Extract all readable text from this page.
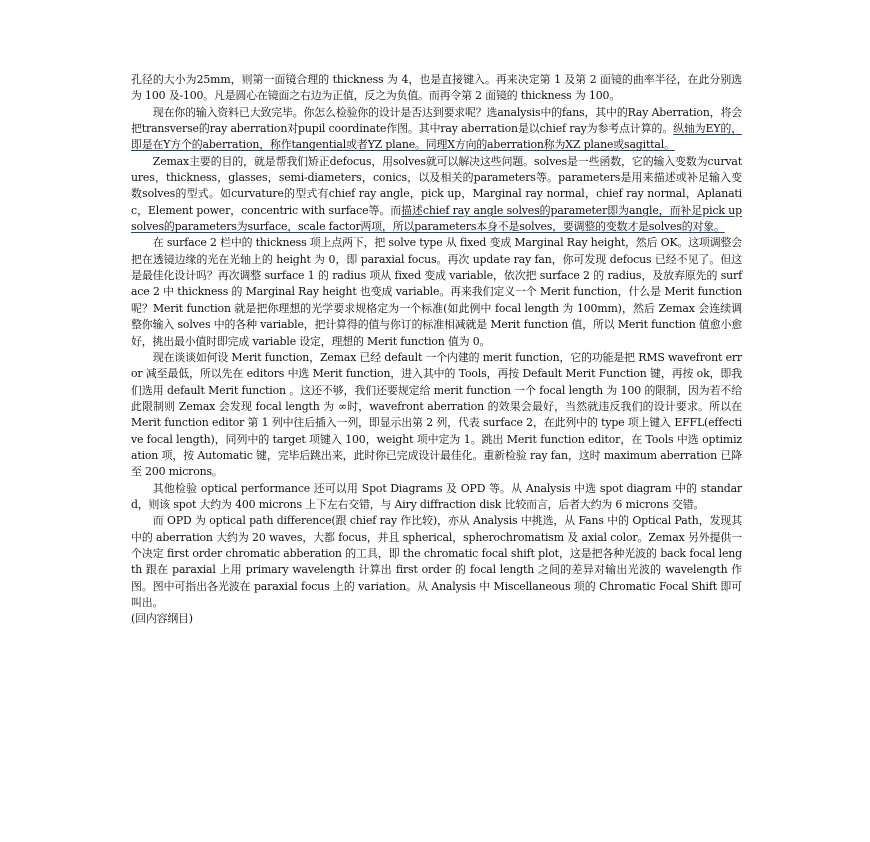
孔径的大小为25mm，则第一面镜合理的 thickness 为 4，也是直接键入。再来决定第 1 及第 2 面镜的曲率半径，在此分别选为 100 及-100。凡是圆心在镜面之右边为正值，反之为负值。而再令第 2 面镜的 thickness 为 100。

现在你的输入资料已大致完毕。你怎么检验你的设计是否达到要求呢？选analysis中的fans，其中的Ray Aberration，将会把transverse的ray aberration对pupil coordinate作图。其中ray aberration是以chief ray为参考点计算的。纵轴为EY的，即是在Y方个的aberration，称作tangential或者YZ plane。同理X方向的aberration称为XZ plane或sagittal。

Zemax主要的目的，就是帮我们矫正defocus，用solves就可以解决这些问题。solves是一些函数，它的输入变数为curvatures，thickness，glasses，semi-diameters，conics，以及相关的parameters等。parameters是用来描述或补足输入变数solves的型式。如curvature的型式有chief ray angle，pick up，Marginal ray normal，chief ray normal，Aplanatic，Element power，concentric with surface等。而描述chief ray angle solves的parameter即为angle，而补足pick up solves的parameters为surface，scale factor两项，所以parameters本身不是solves，要调整的变数才是solves的对象。

在 surface 2 栏中的 thickness 项上点两下，把 solve type 从 fixed 变成 Marginal Ray height，然后 OK。这项调整会把在透镜边缘的光在光轴上的 height 为 0，即 paraxial focus。再次 update ray fan，你可发现 defocus 已经不见了。但这是最佳化设计吗？再次调整 surface 1 的 radius 项从 fixed 变成 variable，依次把 surface 2 的 radius，及放弃原先的 surface 2 中 thickness 的 Marginal Ray height 也变成 variable。再来我们定义一个 Merit function，什么是 Merit function 呢？Merit function 就是把你理想的光学要求规格定为一个标准(如此例中 focal length 为 100mm)，然后 Zemax 会连续调整你输入 solves 中的各种 variable，把计算得的值与你订的标准相减就是 Merit function 值，所以 Merit function 值愈小愈好，挑出最小值时即完成 variable 设定，理想的 Merit function 值为 0。

现在谈谈如何设 Merit function，Zemax 已经 default 一个内建的 merit function，它的功能是把 RMS wavefront error 减至最低，所以先在 editors 中选 Merit function，进入其中的 Tools，再按 Default Merit Function 键，再按 ok，即我们选用 default Merit function 。这还不够，我们还要规定给 merit function 一个 focal length 为 100 的限制，因为若不给此限制则 Zemax 会发现 focal length 为 ∞时，wavefront aberration 的效果会最好，当然就违反我们的设计要求。所以在 Merit function editor 第 1 列中往后插入一列，即显示出第 2 列，代表 surface 2，在此列中的 type 项上键入 EFFL(effective focal length)，同列中的 target 项键入 100，weight 项中定为 1。跳出 Merit function editor，在 Tools 中选 optimization 项，按 Automatic 键，完毕后跳出来，此时你已完成设计最佳化。重新检验 ray fan，这时 maximum aberration 已降至 200 microns。

其他检验 optical performance 还可以用 Spot Diagrams 及 OPD 等。从 Analysis 中选 spot diagram 中的 standard，则该 spot 大约为 400 microns 上下左右交错，与 Airy diffraction disk 比较而言，后者大约为 6 microns 交错。

而 OPD 为 optical path difference(跟 chief ray 作比较)，亦从 Analysis 中挑选，从 Fans 中的 Optical Path，发现其中的 aberration 大约为 20 waves，大都 focus，并且 spherical，spherochromatism 及 axial color。Zemax 另外提供一个决定 first order chromatic abberation 的工具，即 the chromatic focal shift plot，这是把各种光波的 back focal length 跟在 paraxial 上用 primary wavelength 计算出 first order 的 focal length 之间的差异对输出光波的 wavelength 作图。图中可指出各光波在 paraxial focus 上的 variation。从 Analysis 中 Miscellaneous 项的 Chromatic Focal Shift 即可叫出。

(回内容纲目)
